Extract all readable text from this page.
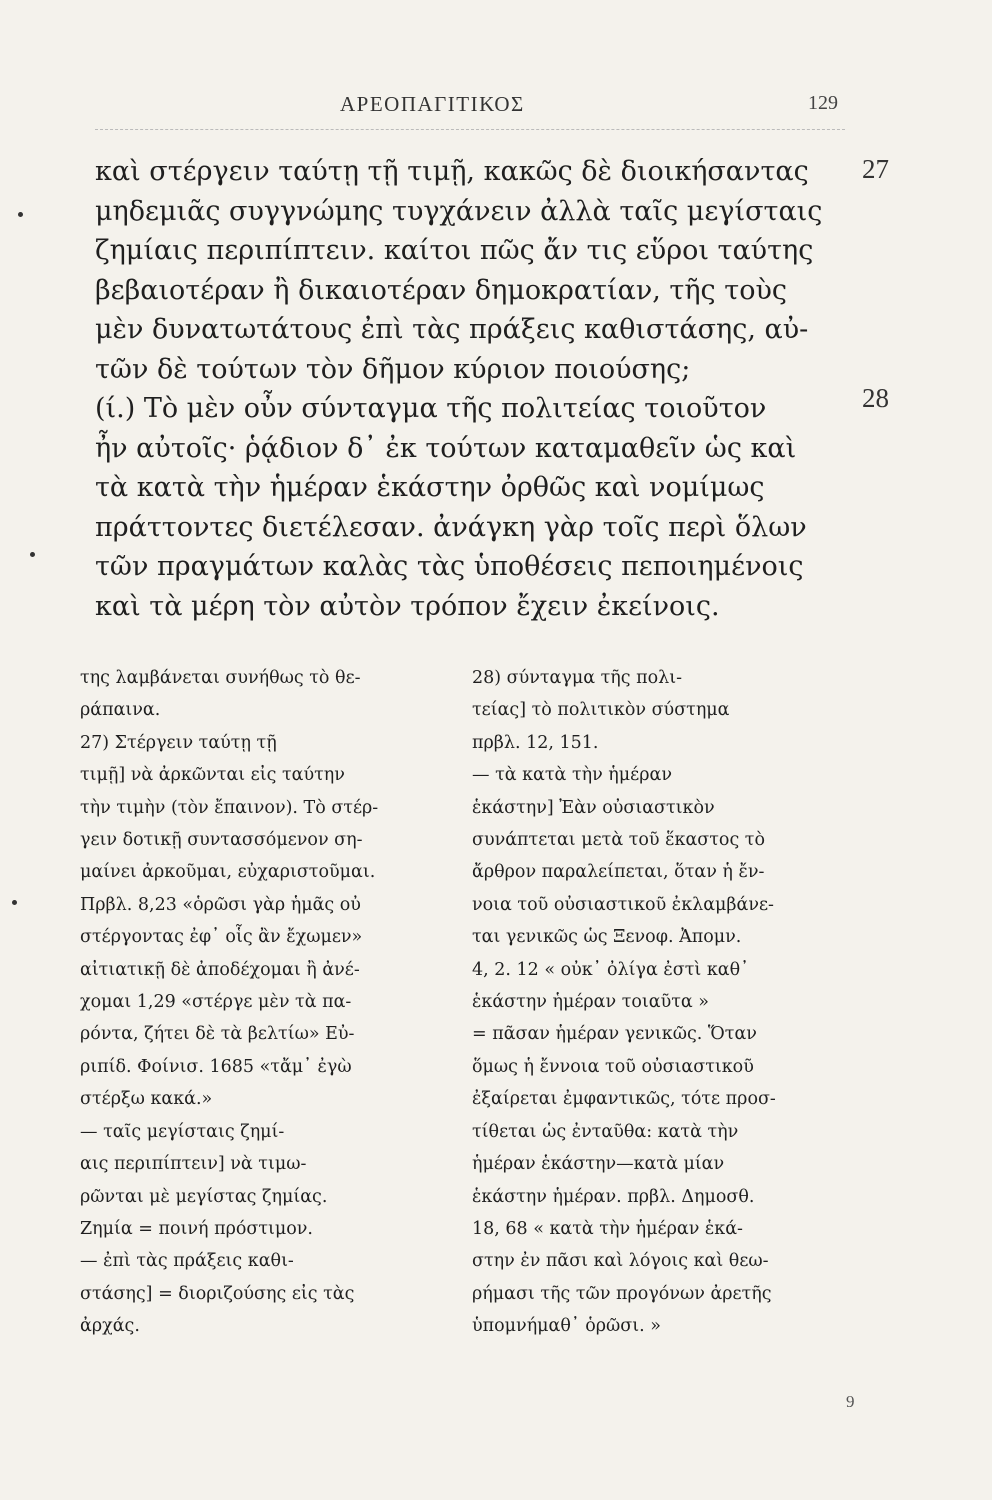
ΑΡΕΟΠΑΓΙΤΙΚΟΣ	129
καὶ στέργειν ταύτῃ τῇ τιμῇ, κακῶς δὲ διοικήσαντας
μηδεμιᾶς συγγνώμης τυγχάνειν ἀλλὰ ταῖς μεγίσταις
ζημίαις περιπίπτειν. καίτοι πῶς ἄν τις εὕροι ταύτης
βεβαιοτέραν ἢ δικαιοτέραν δημοκρατίαν, τῆς τοὺς
μὲν δυνατωτάτους ἐπὶ τὰς πράξεις καθιστάσης, αὐ-
τῶν δὲ τούτων τὸν δῆμον κύριον ποιούσης;
(ί.) Τὸ μὲν οὖν σύνταγμα τῆς πολιτείας τοιοῦτον
ἦν αὐτοῖς· ῥᾴδιον δ᾽ ἐκ τούτων καταμαθεῖν ὡς καὶ
τὰ κατὰ τὴν ἡμέραν ἑκάστην ὀρθῶς καὶ νομίμως
πράττοντες διετέλεσαν. ἀνάγκη γὰρ τοῖς περὶ ὅλων
τῶν πραγμάτων καλὰς τὰς ὑποθέσεις πεποιημένοις
καὶ τὰ μέρη τὸν αὐτὸν τρόπον ἔχειν ἐκείνοις.
27
28
της λαμβάνεται συνήθως τὸ θε-
ράπαινα.
27) Στέργειν ταύτῃ τῇ
τιμῇ] νὰ ἀρκῶνται εἰς ταύτην
τὴν τιμὴν (τὸν ἔπαινον). Τὸ στέρ-
γειν δοτικῇ συντασσόμενον ση-
μαίνει ἀρκοῦμαι, εὐχαριστοῦμαι.
Πρβλ. 8,23 «ὁρῶσι γὰρ ἡμᾶς οὐ
στέργοντας ἐφ᾽ οἷς ἂν ἔχωμεν»
αἰτιατικῇ δὲ ἀποδέχομαι ἢ ἀνέ-
χομαι 1,29 «στέργε μὲν τὰ πα-
ρόντα, ζήτει δὲ τὰ βελτίω» Εὐ-
ριπίδ. Φοίνισ. 1685 «τἄμ᾽ ἐγὼ
στέρξω κακά.»
— ταῖς μεγίσταις ζημί-
αις περιπίπτειν] νὰ τιμω-
ρῶνται μὲ μεγίστας ζημίας.
Ζημία = ποινή πρόστιμον.
— ἐπὶ τὰς πράξεις καθι-
στάσης] = διοριζούσης εἰς τὰς
ἀρχάς.
28) σύνταγμα τῆς πολι-
τείας] τὸ πολιτικὸν σύστημα
πρβλ. 12, 151.
— τὰ κατὰ τὴν ἡμέραν
ἑκάστην] Ἐὰν οὐσιαστικὸν
συνάπτεται μετὰ τοῦ ἕκαστος τὸ
ἄρθρον παραλείπεται, ὅταν ἡ ἔν-
νοια τοῦ οὐσιαστικοῦ ἐκλαμβάνε-
ται γενικῶς ὡς Ξενοφ. Ἀπομν.
4, 2. 12 « οὐκ᾽ ὀλίγα ἐστὶ καθ᾽
ἑκάστην ἡμέραν τοιαῦτα »
= πᾶσαν ἡμέραν γενικῶς. Ὅταν
ὅμως ἡ ἔννοια τοῦ οὐσιαστικοῦ
ἐξαίρεται ἐμφαντικῶς, τότε προσ-
τίθεται ὡς ἐνταῦθα: κατὰ τὴν
ἡμέραν ἑκάστην—κατὰ μίαν
ἑκάστην ἡμέραν. πρβλ. Δημοσθ.
18, 68 « κατὰ τὴν ἡμέραν ἑκά-
στην ἐν πᾶσι καὶ λόγοις καὶ θεω-
ρήμασι τῆς τῶν προγόνων ἀρετῆς
ὑπομνήμαθ᾽ ὁρῶσι. »
9
